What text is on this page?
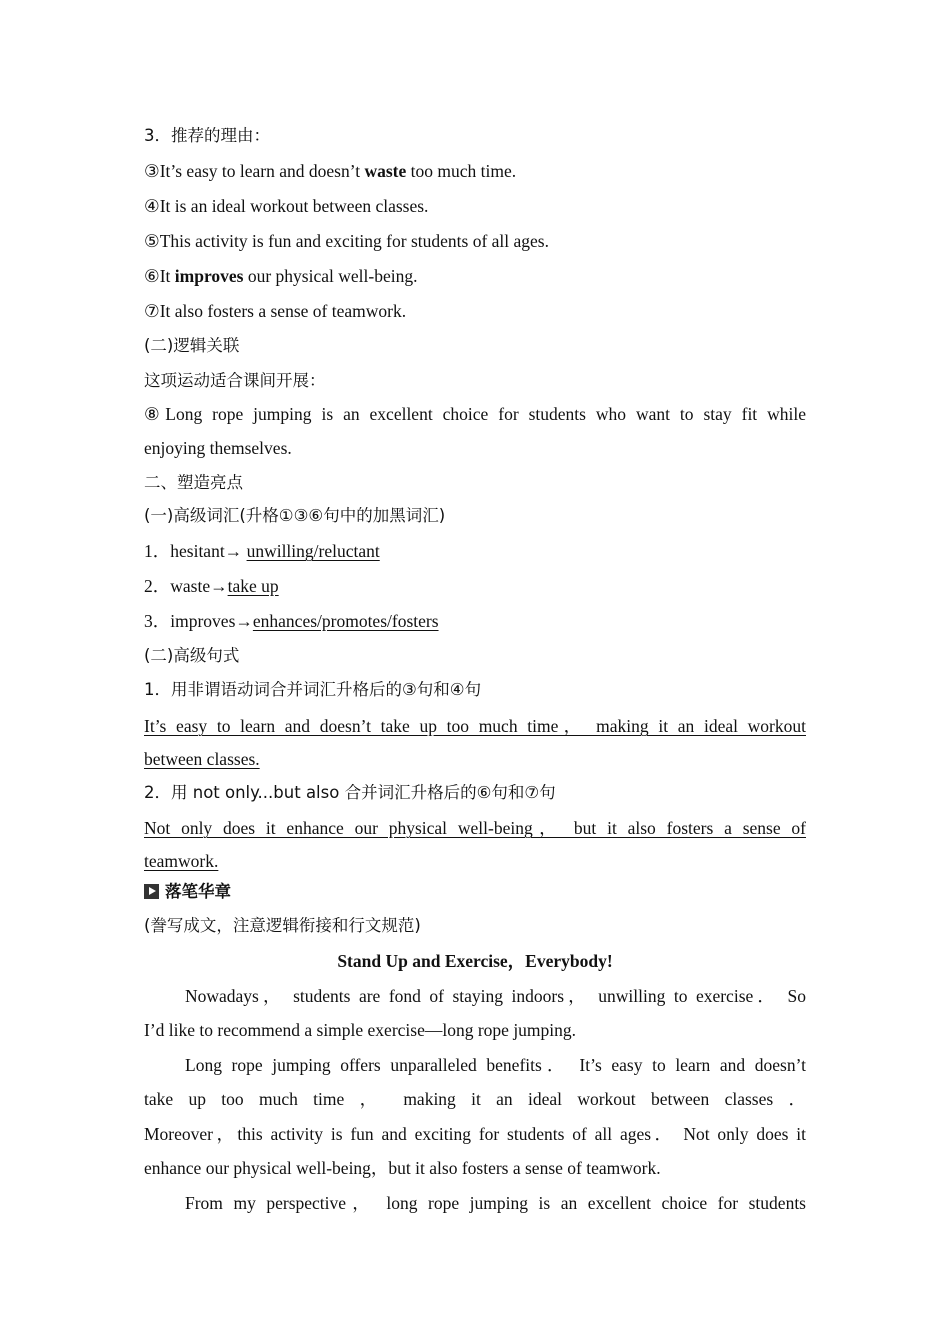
3．推荐的理由：
③It’s easy to learn and doesn’t waste too much time.
④It is an ideal workout between classes.
⑤This activity is fun and exciting for students of all ages.
⑥It improves our physical well-being.
⑦It also fosters a sense of teamwork.
(二)逻辑关联
这项运动适合课间开展：
⑧Long rope jumping is an excellent choice for students who want to stay fit while
enjoying themselves.
二、塑造亮点
(一)高级词汇(升格①③⑥句中的加黑词汇)
1．hesitant→ unwilling/reluctant
2．waste→take up
3．improves→enhances/promotes/fosters
(二)高级句式
1．用非谓语动词合并词汇升格后的③句和④句
It’s easy to learn and doesn’t take up too much time， making it an ideal workout
between classes.
2．用 not only...but also 合并词汇升格后的⑥句和⑦句
Not only does it enhance our physical well-being， but it also fosters a sense of
teamwork.
落笔华章
(誊写成文，注意逻辑衔接和行文规范)
Stand Up and Exercise，Everybody!
Nowadays， students are fond of staying indoors， unwilling to exercise． So
I’d like to recommend a simple exercise—long rope jumping.
Long rope jumping offers unparalleled benefits． It’s easy to learn and doesn’t
take up too much time ， making it an ideal workout between classes ．
Moreover，this activity is fun and exciting for students of all ages． Not only does it
enhance our physical well-being，but it also fosters a sense of teamwork.
From my perspective， long rope jumping is an excellent choice for students
